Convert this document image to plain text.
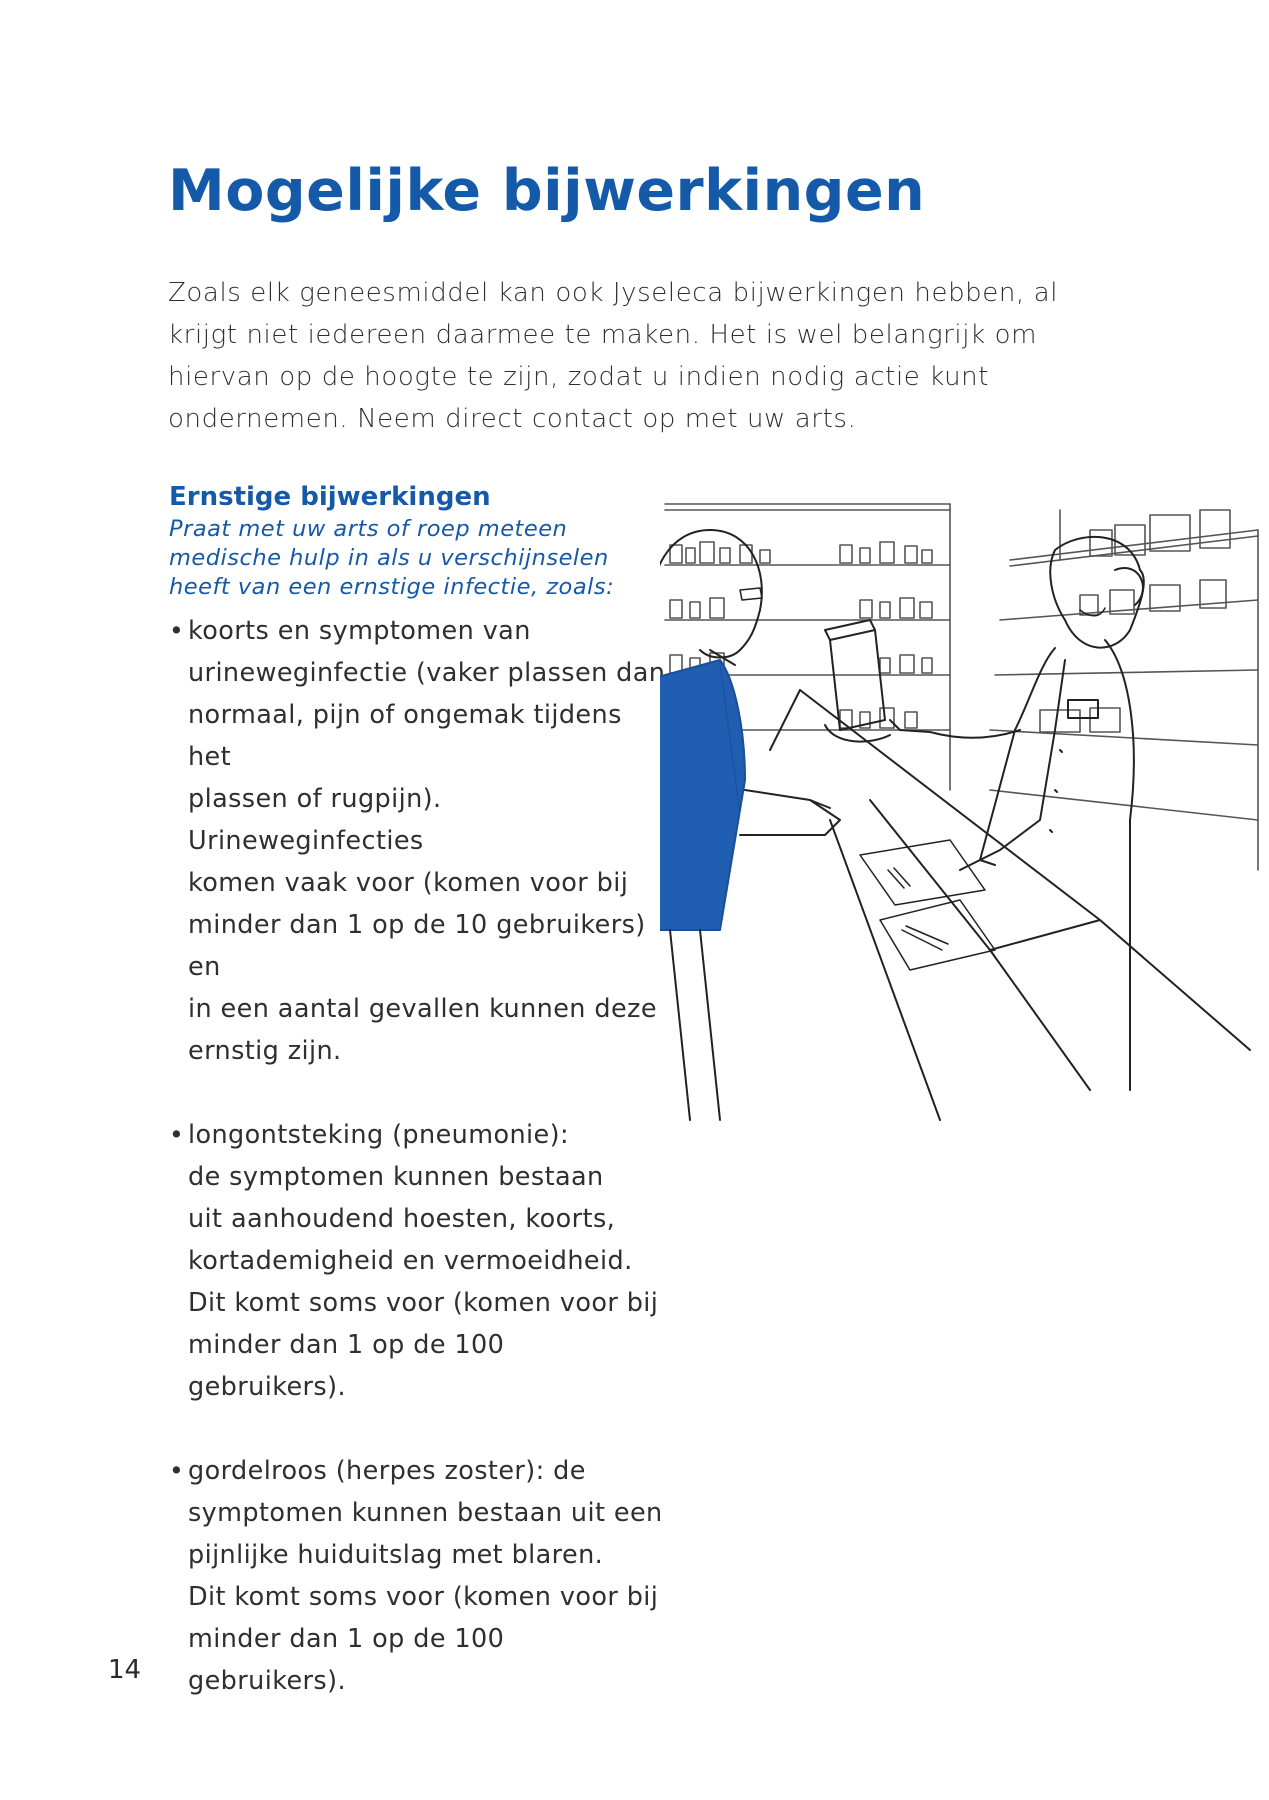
Mogelijke bijwerkingen

Zoals elk geneesmiddel kan ook Jyseleca bijwerkingen hebben, al krijgt niet iedereen daarmee te maken. Het is wel belangrijk om hiervan op de hoogte te zijn, zodat u indien nodig actie kunt ondernemen. Neem direct contact op met uw arts.

Ernstige bijwerkingen

Praat met uw arts of roep meteen medische hulp in als u verschijnselen heeft van een ernstige infectie, zoals:

• koorts en symptomen van
urineweginfectie (vaker plassen dan
normaal, pijn of ongemak tijdens het
plassen of rugpijn). Urineweginfecties
komen vaak voor (komen voor bij
minder dan 1 op de 10 gebruikers) en
in een aantal gevallen kunnen deze
ernstig zijn.
• longontsteking (pneumonie):
de symptomen kunnen bestaan
uit aanhoudend hoesten, koorts,
kortademigheid en vermoeidheid.
Dit komt soms voor (komen voor bij
minder dan 1 op de 100 gebruikers).
• gordelroos (herpes zoster): de
symptomen kunnen bestaan uit een
pijnlijke huiduitslag met blaren.
Dit komt soms voor (komen voor bij
minder dan 1 op de 100 gebruikers).

14
